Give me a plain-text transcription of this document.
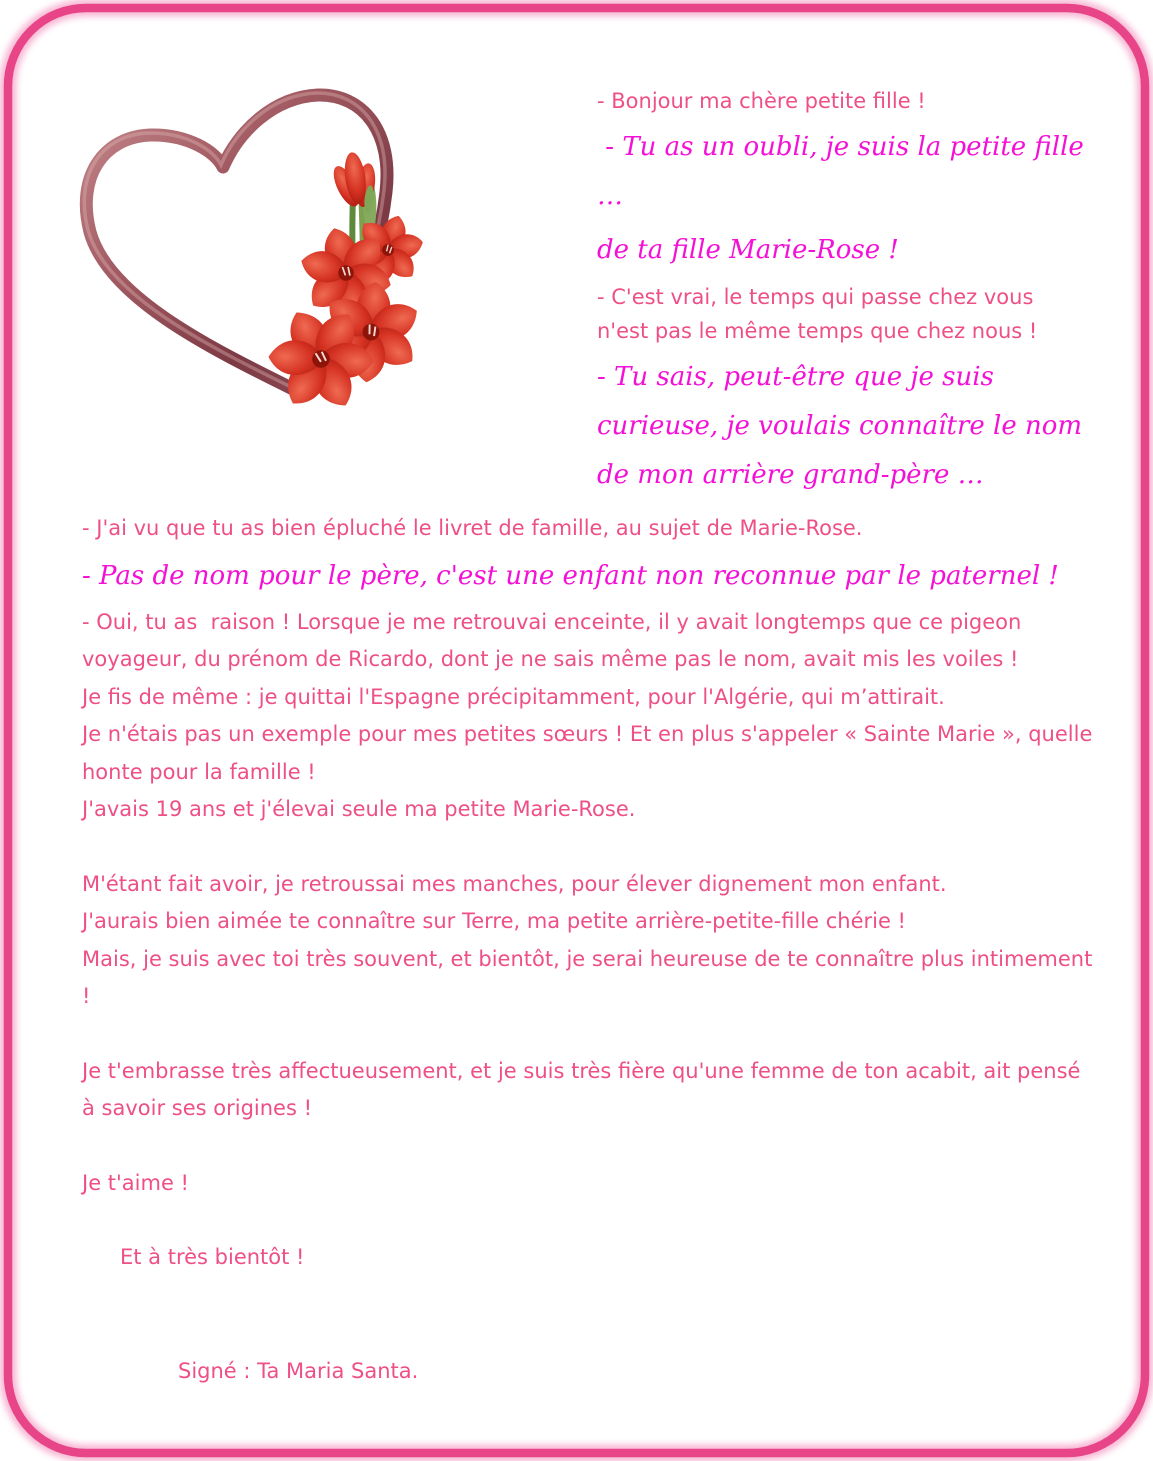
- Bonjour ma chère petite fille !

- Tu as un oubli, je suis la petite fille …

de ta fille Marie-Rose !

- C'est vrai, le temps qui passe chez vous n'est pas le même temps que chez nous !

- Tu sais, peut-être que je suis curieuse, je voulais connaître le nom de mon arrière grand-père …

- J'ai vu que tu as bien épluché le livret de famille, au sujet de Marie-Rose.

- Pas de nom pour le père, c'est une enfant non reconnue par le paternel !

- Oui, tu as  raison ! Lorsque je me retrouvai enceinte, il y avait longtemps que ce pigeon voyageur, du prénom de Ricardo, dont je ne sais même pas le nom, avait mis les voiles !

Je fis de même : je quittai l'Espagne précipitamment, pour l'Algérie, qui m’attirait.

Je n'étais pas un exemple pour mes petites sœurs ! Et en plus s'appeler « Sainte Marie », quelle honte pour la famille !

J'avais 19 ans et j'élevai seule ma petite Marie-Rose.

M'étant fait avoir, je retroussai mes manches, pour élever dignement mon enfant.

J'aurais bien aimée te connaître sur Terre, ma petite arrière-petite-fille chérie !

Mais, je suis avec toi très souvent, et bientôt, je serai heureuse de te connaître plus intimement !

Je t'embrasse très affectueusement, et je suis très fière qu'une femme de ton acabit, ait pensé à savoir ses origines !

Je t'aime !

Et à très bientôt !

Signé : Ta Maria Santa.
